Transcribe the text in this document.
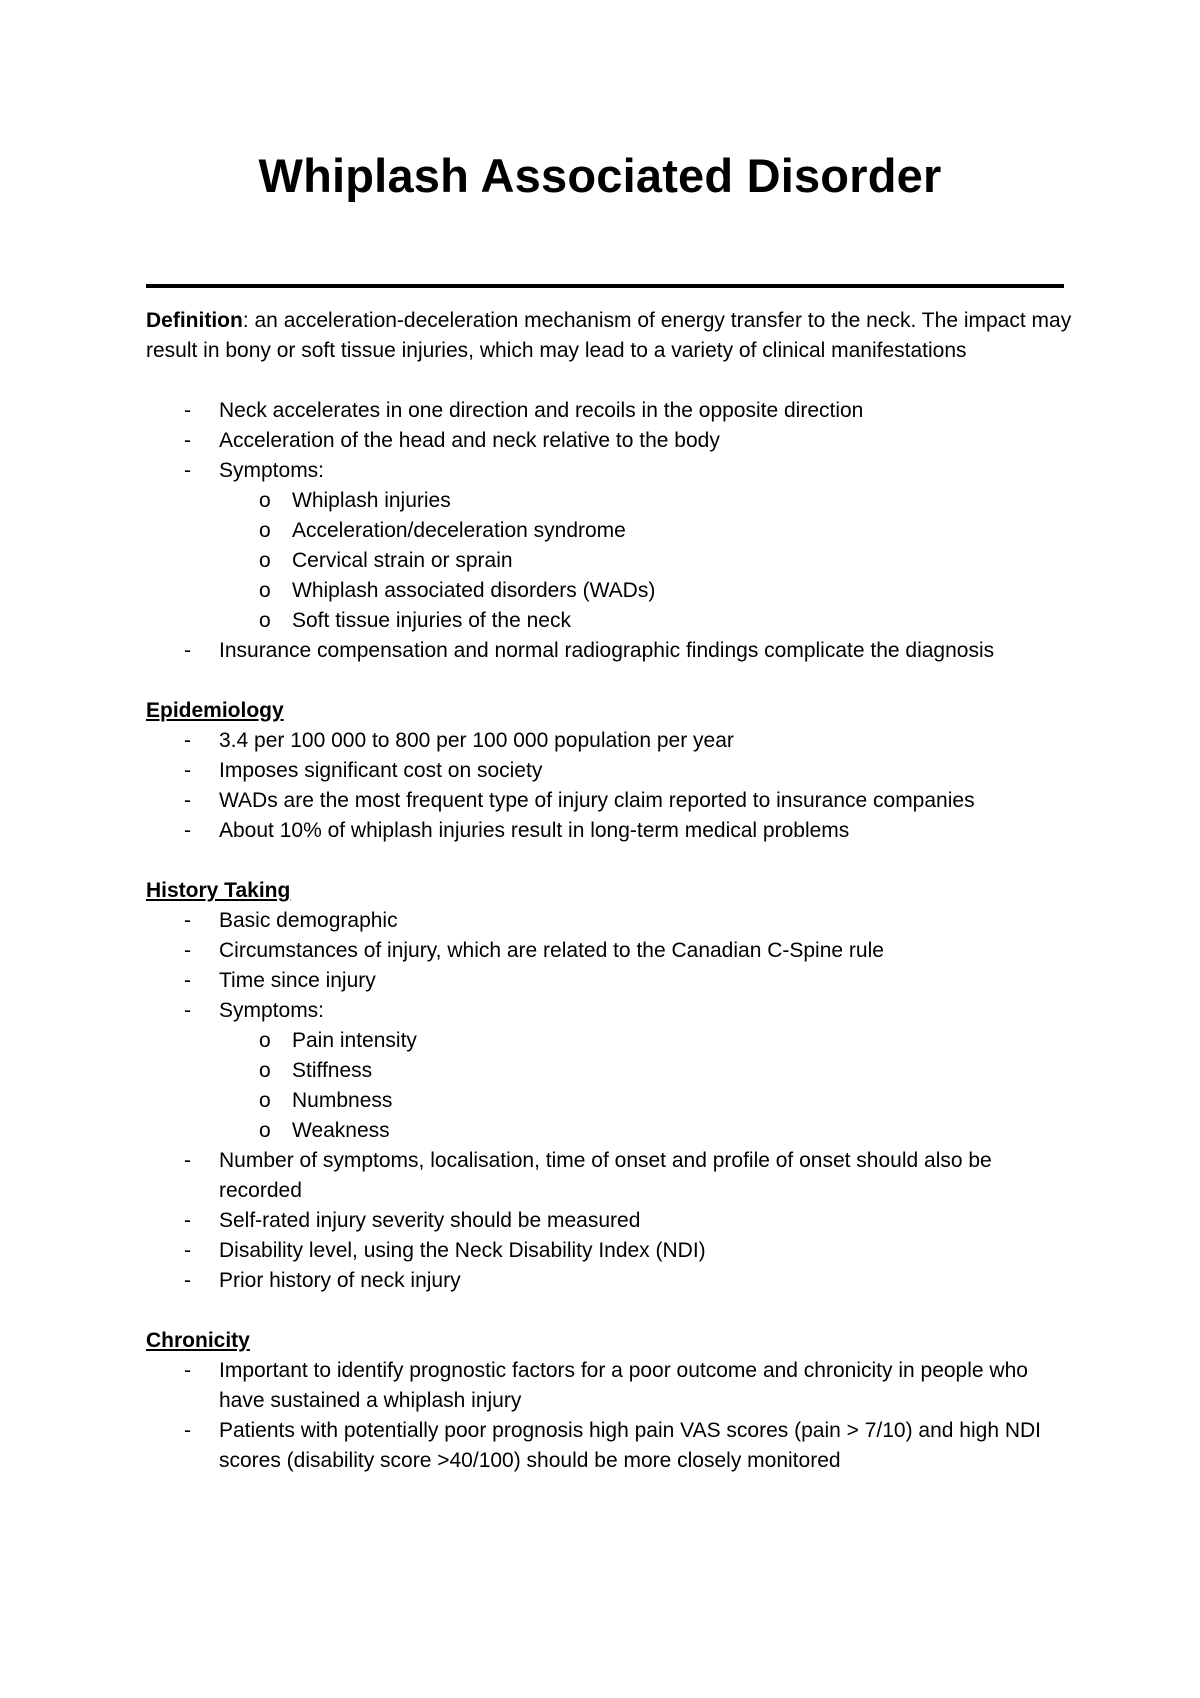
Whiplash Associated Disorder

Definition: an acceleration-deceleration mechanism of energy transfer to the neck. The impact may result in bony or soft tissue injuries, which may lead to a variety of clinical manifestations

- Neck accelerates in one direction and recoils in the opposite direction
- Acceleration of the head and neck relative to the body
- Symptoms:
o Whiplash injuries
o Acceleration/deceleration syndrome
o Cervical strain or sprain
o Whiplash associated disorders (WADs)
o Soft tissue injuries of the neck
- Insurance compensation and normal radiographic findings complicate the diagnosis

Epidemiology

- 3.4 per 100 000 to 800 per 100 000 population per year
- Imposes significant cost on society
- WADs are the most frequent type of injury claim reported to insurance companies
- About 10% of whiplash injuries result in long-term medical problems

History Taking

- Basic demographic
- Circumstances of injury, which are related to the Canadian C-Spine rule
- Time since injury
- Symptoms:
o Pain intensity
o Stiffness
o Numbness
o Weakness
- Number of symptoms, localisation, time of onset and profile of onset should also be recorded
- Self-rated injury severity should be measured
- Disability level, using the Neck Disability Index (NDI)
- Prior history of neck injury

Chronicity

- Important to identify prognostic factors for a poor outcome and chronicity in people who have sustained a whiplash injury
- Patients with potentially poor prognosis high pain VAS scores (pain > 7/10) and high NDI scores (disability score >40/100) should be more closely monitored
